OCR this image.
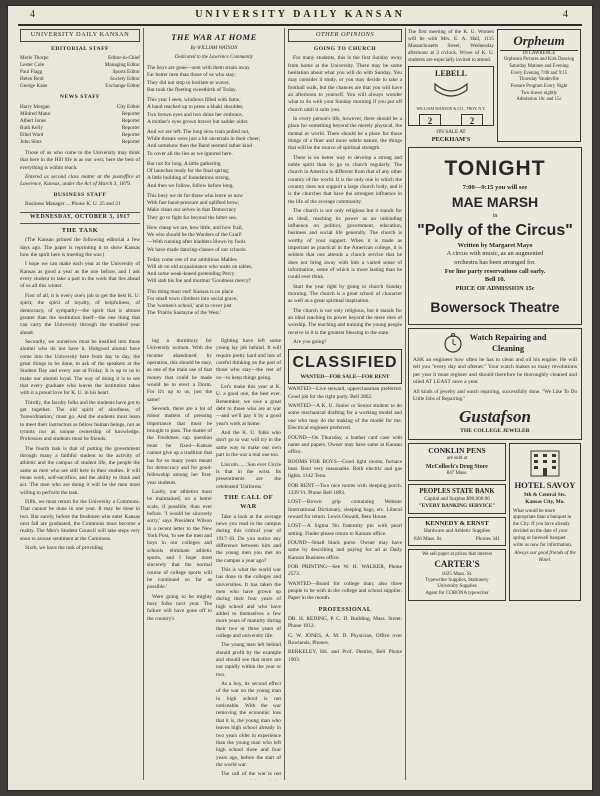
4	UNIVERSITY DAILY KANSAN	4
UNIVERSITY DAILY KANSAN
EDITORIAL STAFF
Merle Thorpe	Editor-in-Chief
Lester Cole	Managing Editor
Paul Flagg	Sports Editor
Helen Reid	Society Editor
George Kane	Exchange Editor
NEWS STAFF
Harry Morgan	City Editor
Mildred Mann	Reporter
Albert Jones	Reporter
Ruth Kelly	Reporter
Ethel Ward	Reporter
John Sims	Reporter

Those of us who come to the University may think that here in the Hill life is as our own; here the best of everything is within reach.

Entered as second class matter at the postoffice at Lawrence, Kansas, under the Act of March 3, 1879.

BUSINESS STAFF

Business Manager ... Phone K. U. 25 and 21

WEDNESDAY, OCTOBER 3, 1917
THE TASK

(The Kansan printed the following editorial a few days ago. The paper is reprinting it to show Kansas how the spirit here is meeting the war.)

I hope we can make each year at the University of Kansas as good a year as the one before, and I ask every student to take a part in the work that lies ahead of us all this winter.

First of all, it is every one's job to get the best K. U. spirit; the spirit of loyalty, of helpfulness, of democracy, of sympathy—the spirit that is almost greater than the institution itself—the one thing that can carry the University through the troubled year ahead.

Secondly, we ourselves must be instilled into those alumni who do not have it. Hobgood alumni have come into the University here from day to day, the great things to be done, to ask of the speakers at the Student Day and every one at Friday. It is up to us to make our alumni loyal. The way of doing it is to see that every graduate who leaves the institution takes with it a proud love for K. U. in his heart.

Thirdly, the faculty folks and the students have got to get together. The old spirit of aloofness, of 'foreordination,' must go. And the students must learn to meet their instructors as fellow human beings, not as tyrants nor as unique ownership of knowledge. Professors and students must be friends.

The fourth task is that of putting the government through many a faithful student to the activity of athletic and the campus of student life, the people the same as men who are still here in their studies. It will mean work, self-sacrifice, and the ability to think and act. The men who are doing it will be the men most willing to perform the task.

Fifth, we must return for the University a Commons. That cannot be done in one year. It may be done in two. But surely, before the freshmen who enter Kansas next fall are graduated, the Commons must become a reality. The Men's Student Council will take steps very soon to arouse sentiment at the Commons.

Sixth, we have the task of providing

THE WAR AT HOME
By WILLIAM WATSON
Dedicated to the Lawrence Community
The boys are gone—sent with them strain away
Far better men than those of us who stay;
They did not stop to hesitate or waver,
But took the fleeting sweetbirth of Today.
This year I seen, windows filled with fame,
A hand reached up to press a khaki shoulder,
Two brown eyes and two shine her embrace,
A mother's eyes grown braver but sadder older.
And we are left. The long slow train pulled out,
While threats were just a bit uncertain in their cheer;
And somehow then the Band seemed rather kind
To cover all the lies as we ignored here.
But not for long. A little gathering
Of launches ready for the final spring;
A little building of foundations strong,
And then we follow, follow before long.
This busy we do for those who leave us now
With fast hand-pressure and uplifted brow;
Make clean our selves in that Democracy
They go to fight for beyond the bitter sea.
How cheap we are, how little, and how frail,
We who should be the Warders of the Grail!
—With running after bladders blown by fools
We have made dancing-classes of our schools.
Today come one of our ambitious Mables
Will sit on old acquaintance who waits on tables,
And some weak-kneed pretending Percy
Will stab his foe and murmur 'Goodness mercy!'
This thing must end! Kansas is no place
For small town climbers into social grace,
The 'women's school,' and to cover just
The 'Prairie Santayne of the West.'

ing a dormitory for University women. With the income abandoned by operation, this should be easy, as one of the main use of that money that could be made would be to erect a Dorm. For it's up to us, just the same!

Seventh, there are a lot of minor matters of pressing importance that must be brought to pass. The matter of the Freshmen cap question must be fixed—Kansas cannot give up a tradition that has for so many years meant for democracy and for good-fellowship among her first-year students.

Lastly, our athletics must be maintained, on a better scale, if possible, than ever before. 'I would be sincerely sorry,' says President Wilson in a recent letter to the New York Post, 'to see the men and boys in our colleges and schools eliminate athletic sports, and I hope most sincerely that the normal course of college sports will be continued so far as possible.'

Were going to be mighty busy folks next year. The failure will have gone off to the country's

fighting have left some young lay job behind. It will require pretty hard and lots of careful thinking on the part of those who stay—the rest of us—to keep things going.

Let's make this year at K. U. a good one, the best ever. Remember, we owe a great debt to those who are at war—and we'll pay it by a good year's work at home.

And the K. U. folks who don't go to war will try in the same way to make our own part in the war a real one too.

Lincoln ..... Son ever Circle is that in the wrist. Its presentments are the celebrated 'Uniforms.'

THE CALL OF WAR

Take a look at the average news you read in the campus during this critical year of 1917-18. Do you notice any difference between him and the young men you met on the campus a year ago?

This is what the world war has done to the colleges and universities. It has taken the men who have grown up during their four years of high school and who have added to themselves a few more years of maturity during their two or three years of college and university life.

The young men left behind should profit by the example and should see that more are not rapidly within the year or two.

As a boy, its second effect of the war on the young man in high school is not noticeable. With the war removing the economic loss that it is, the young man who leaves high school already in two years older in experience than the young man who left high school three and four years ago, before the start of the world war.

The call of the war is not

OTHER OPINIONS
GOING TO CHURCH

For many students, this is the first Sunday away from home at the University. There may be some hesitation about what you will do with Sunday. You may consider it study, or you may decide to take a football walk, but the chances are that you will have an afternoon to yourself. You will always wonder what to do with your Sunday morning if you put off church until it suits you.

In every person's life, however, there should be a place for something beyond the merely physical, the mental or world. There should be a place for those things of a finer and more subtle nature, the things that will be the source of spiritual strength.

There is no better way to develop a strong and noble spirit than to go to church regularly. The church in America is different from that of any other country of the world. It is the only one in which the country does not support a large church body, and it is the churches that have the strongest influence in the life of the average community.

The church is not only religious but it stands for an ideal, reaching its power as an unbinding influence on politics, government, education, business and social life generally. The church is worthy of your support. When it is made as important as practical in the American college, it is seldom that one attends a church service that he does not bring away with him a varied sense of information, some of which is more lasting than he could ever think.

Start the year right by going to church Sunday morning. The church is a great school of character as well as a great spiritual inspiration.

The church is not only religious, but it stands for an ideal reaching its power beyond the mere rites of worship. The teaching and training the young people receive in it is the greatest blessing to the state.

Are you going?

CLASSIFIED
WANTED—FOR SALE—FOR RENT

WANTED—Live steward, upperclassman preferred. Good job for the right party. Bell 2862.

WANTED—A K. U. Junior or Senior student to do some mechanical drafting for a working model and one who may do the making of the model for me. Electrical engineer preferred.

FOUND—On Thursday, a leather card case with name and papers. Owner may have same at Kansan office.

ROOMS FOR BOYS—Good light rooms, furnace heat. Rent very reasonable. Both electric and gas lights. 1142 Tenn.

FOR RENT—Two nice rooms with sleeping porch. 1339 Vt. Phone Bell 1893.

LOST—Brown grip containing Webster International Dictionary, sleeping bags, etc. Liberal reward for return. Lewis Oswald, Beta House.

LOST—A Sigma Nu fraternity pin with pearl setting. Finder please return to Kansan office.

FOUND—Small black purse. Owner may have same by describing and paying for ad at Daily Kansan Business office.

FOR PRINTING—See W. H. WALKER, Phone 2573.

WANTED—Board for college man; also three people to be with in the college and school supplier. Paper in the month.

PROFESSIONAL

DR. H. REDING, P. C. D. Building, Mass. Street. Phone 1012.

G. W. JONES, A. M. D. Physician, Office over Rowlands, Phones.

BERKELEY, Hd. and Prof. Dentist, Bell Phone 1903.

The first meeting of the K. U. Women will be with Mrs. E. A. Hall, 1115 Massachusetts Street, Wednesday afternoon at 3 o'clock. Wives of K. U. students are especially invited to attend.

LEBELL
WILLIAM MANSON & CO., TROY, N.Y.
2	2
ON SALE AT
PECKHAM'S
Orpheum
IN LAWRENCE
Orpheum Pictures and Kirk Dancing
Saturday Matinee and Evening
Every Evening 7:00 and 9:15
Thursday Vaudeville
Feature Program Every Night
Two shows nightly
Admission 10c and 15c
TONIGHT
7:00—9:15 you will see
MAE MARSH
in
"Polly of the Circus"
Written by Margaret Mayo
A circus with music, as an augmented
orchestra has been arranged for.
For line party reservations call early.
Bell 10.
PRICE OF ADMISSION 15c
Bowersock Theatre
Watch Repairing and Cleaning

ASK an engineer how often he has to clean and oil his engine. He will tell you "every day and oftener." Your watch makes so many revolutions per year it must register and should therefore be thoroughly cleaned and oiled AT LEAST once a year.

All kinds of jewelry and watch repairing, successfully done. "We Like To Do Little Jobs of Repairing."

Gustafson
THE COLLEGE JEWELER
CONKLIN PENS
are sold at
McColloch's Drug Store
847 Mass.
PEOPLES STATE BANK
Capital and Surplus $90,000.00
"EVERY BANKING SERVICE"
KENNEDY & ERNST
Hardware and Athletic Supplies
826 Mass. St.	Phones 341
We sell paper at prices that interest
CARTER'S
1025 Mass. St.
Typewriter Supplies, Stationery
University Supplies
Agent for CORONA typewriter
HOTEL SAVOY
9th & Central Sts.
Kansas City, Mo.

What would be more appropriate than a banquet in the City. If you have already decided on the date of your spring or farewell banquet write us now for information.

Always our good friends of the Hotel.
